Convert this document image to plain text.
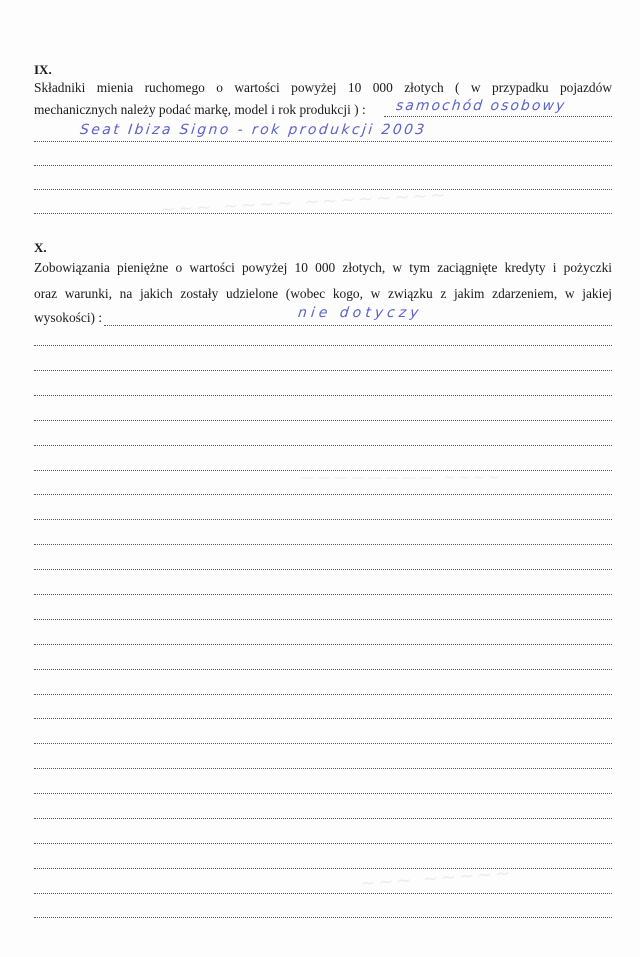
~~~ ~~~~ ~~~~~~~~
———————— ~~~~
~~~ ~~~~~
IX.
Składniki mienia ruchomego o wartości powyżej 10 000 złotych ( w przypadku pojazdów
mechanicznych należy podać markę, model i rok produkcji ) :	samochód osobowy
Seat Ibiza Signo - rok produkcji 2003
X.
Zobowiązania pieniężne o wartości powyżej 10 000 złotych, w tym zaciągnięte kredyty i pożyczki
oraz warunki, na jakich zostały udzielone (wobec kogo, w związku z jakim zdarzeniem, w jakiej
wysokości) :	nie dotyczy
